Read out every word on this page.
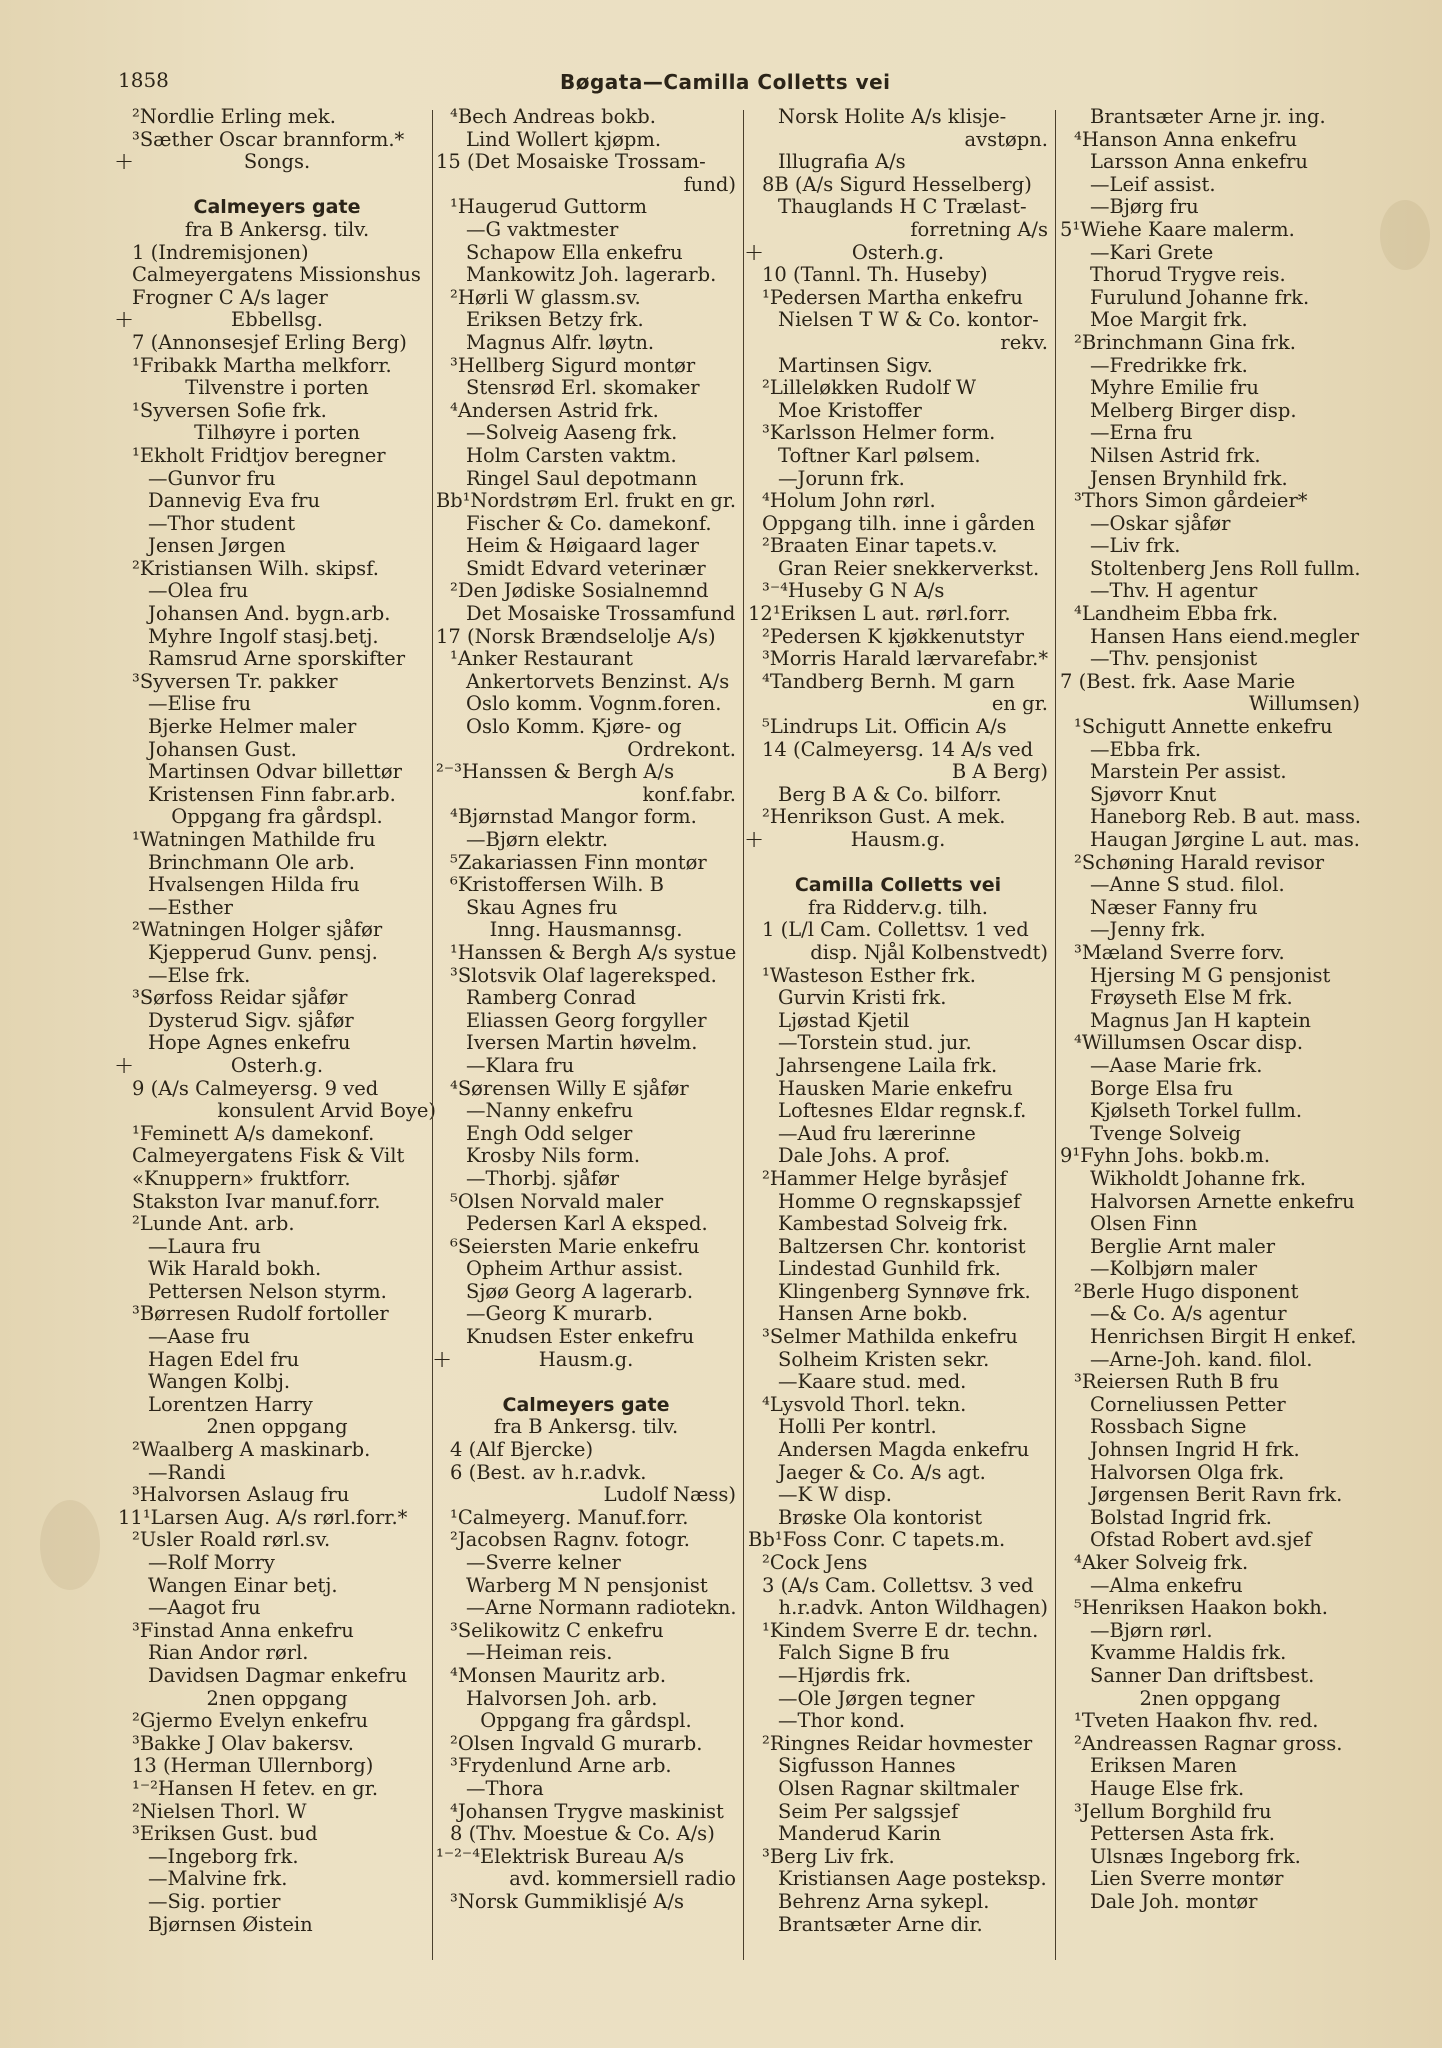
1858	Bøgata—Camilla Colletts vei
²Nordlie Erling mek.
³Sæther Oscar brannform.*
+	Songs.
Calmeyers gate
fra B Ankersg. tilv.
1 (Indremisjonen)
Calmeyergatens Missionshus
Frogner C A/s lager
+	Ebbellsg.
7 (Annonsesjef Erling Berg)
¹Fribakk Martha melkforr.
Tilvenstre i porten
¹Syversen Sofie frk.
Tilhøyre i porten
¹Ekholt Fridtjov beregner
—Gunvor fru
Dannevig Eva fru
—Thor student
Jensen Jørgen
²Kristiansen Wilh. skipsf.
—Olea fru
Johansen And. bygn.arb.
Myhre Ingolf stasj.betj.
Ramsrud Arne sporskifter
³Syversen Tr. pakker
—Elise fru
Bjerke Helmer maler
Johansen Gust.
Martinsen Odvar billettør
Kristensen Finn fabr.arb.
Oppgang fra gårdspl.
¹Watningen Mathilde fru
Brinchmann Ole arb.
Hvalsengen Hilda fru
—Esther
²Watningen Holger sjåfør
Kjepperud Gunv. pensj.
—Else frk.
³Sørfoss Reidar sjåfør
Dysterud Sigv. sjåfør
Hope Agnes enkefru
+	Osterh.g.
9 (A/s Calmeyersg. 9 ved
konsulent Arvid Boye)
¹Feminett A/s damekonf.
Calmeyergatens Fisk & Vilt
«Knuppern» fruktforr.
Stakston Ivar manuf.forr.
²Lunde Ant. arb.
—Laura fru
Wik Harald bokh.
Pettersen Nelson styrm.
³Børresen Rudolf fortoller
—Aase fru
Hagen Edel fru
Wangen Kolbj.
Lorentzen Harry
2nen oppgang
²Waalberg A maskinarb.
—Randi
³Halvorsen Aslaug fru
11¹Larsen Aug. A/s rørl.forr.*
²Usler Roald rørl.sv.
—Rolf Morry
Wangen Einar betj.
—Aagot fru
³Finstad Anna enkefru
Rian Andor rørl.
Davidsen Dagmar enkefru
2nen oppgang
²Gjermo Evelyn enkefru
³Bakke J Olav bakersv.
13 (Herman Ullernborg)
¹⁻²Hansen H fetev. en gr.
²Nielsen Thorl. W
³Eriksen Gust. bud
—Ingeborg frk.
—Malvine frk.
—Sig. portier
Bjørnsen Øistein
⁴Bech Andreas bokb.
Lind Wollert kjøpm.
15 (Det Mosaiske Trossam-
fund)
¹Haugerud Guttorm
—G vaktmester
Schapow Ella enkefru
Mankowitz Joh. lagerarb.
²Hørli W glassm.sv.
Eriksen Betzy frk.
Magnus Alfr. løytn.
³Hellberg Sigurd montør
Stensrød Erl. skomaker
⁴Andersen Astrid frk.
—Solveig Aaseng frk.
Holm Carsten vaktm.
Ringel Saul depotmann
Bb¹Nordstrøm Erl. frukt en gr.
Fischer & Co. damekonf.
Heim & Høigaard lager
Smidt Edvard veterinær
²Den Jødiske Sosialnemnd
Det Mosaiske Trossamfund
17 (Norsk Brændselolje A/s)
¹Anker Restaurant
Ankertorvets Benzinst. A/s
Oslo komm. Vognm.foren.
Oslo Komm. Kjøre- og
Ordrekont.
²⁻³Hanssen & Bergh A/s
konf.fabr.
⁴Bjørnstad Mangor form.
—Bjørn elektr.
⁵Zakariassen Finn montør
⁶Kristoffersen Wilh. B
Skau Agnes fru
Inng. Hausmannsg.
¹Hanssen & Bergh A/s systue
³Slotsvik Olaf lagereksped.
Ramberg Conrad
Eliassen Georg forgyller
Iversen Martin høvelm.
—Klara fru
⁴Sørensen Willy E sjåfør
—Nanny enkefru
Engh Odd selger
Krosby Nils form.
—Thorbj. sjåfør
⁵Olsen Norvald maler
Pedersen Karl A eksped.
⁶Seiersten Marie enkefru
Opheim Arthur assist.
Sjøø Georg A lagerarb.
—Georg K murarb.
Knudsen Ester enkefru
+	Hausm.g.
Calmeyers gate
fra B Ankersg. tilv.
4 (Alf Bjercke)
6 (Best. av h.r.advk.
Ludolf Næss)
¹Calmeyerg. Manuf.forr.
²Jacobsen Ragnv. fotogr.
—Sverre kelner
Warberg M N pensjonist
—Arne Normann radiotekn.
³Selikowitz C enkefru
—Heiman reis.
⁴Monsen Mauritz arb.
Halvorsen Joh. arb.
Oppgang fra gårdspl.
²Olsen Ingvald G murarb.
³Frydenlund Arne arb.
—Thora
⁴Johansen Trygve maskinist
8 (Thv. Moestue & Co. A/s)
¹⁻²⁻⁴Elektrisk Bureau A/s
avd. kommersiell radio
³Norsk Gummiklisjé A/s
Norsk Holite A/s klisje-
avstøpn.
Illugrafia A/s
8B (A/s Sigurd Hesselberg)
Thauglands H C Trælast-
forretning A/s
+	Osterh.g.
10 (Tannl. Th. Huseby)
¹Pedersen Martha enkefru
Nielsen T W & Co. kontor-
rekv.
Martinsen Sigv.
²Lilleløkken Rudolf W
Moe Kristoffer
³Karlsson Helmer form.
Toftner Karl pølsem.
—Jorunn frk.
⁴Holum John rørl.
Oppgang tilh. inne i gården
²Braaten Einar tapets.v.
Gran Reier snekkerverkst.
³⁻⁴Huseby G N A/s
12¹Eriksen L aut. rørl.forr.
²Pedersen K kjøkkenutstyr
³Morris Harald lærvarefabr.*
⁴Tandberg Bernh. M garn
en gr.
⁵Lindrups Lit. Officin A/s
14 (Calmeyersg. 14 A/s ved
B A Berg)
Berg B A & Co. bilforr.
²Henrikson Gust. A mek.
+	Hausm.g.
Camilla Colletts vei
fra Ridderv.g. tilh.
1 (L/l Cam. Collettsv. 1 ved
disp. Njål Kolbenstvedt)
¹Wasteson Esther frk.
Gurvin Kristi frk.
Ljøstad Kjetil
—Torstein stud. jur.
Jahrsengene Laila frk.
Hausken Marie enkefru
Loftesnes Eldar regnsk.f.
—Aud fru lærerinne
Dale Johs. A prof.
²Hammer Helge byråsjef
Homme O regnskapssjef
Kambestad Solveig frk.
Baltzersen Chr. kontorist
Lindestad Gunhild frk.
Klingenberg Synnøve frk.
Hansen Arne bokb.
³Selmer Mathilda enkefru
Solheim Kristen sekr.
—Kaare stud. med.
⁴Lysvold Thorl. tekn.
Holli Per kontrl.
Andersen Magda enkefru
Jaeger & Co. A/s agt.
—K W disp.
Brøske Ola kontorist
Bb¹Foss Conr. C tapets.m.
²Cock Jens
3 (A/s Cam. Collettsv. 3 ved
h.r.advk. Anton Wildhagen)
¹Kindem Sverre E dr. techn.
Falch Signe B fru
—Hjørdis frk.
—Ole Jørgen tegner
—Thor kond.
²Ringnes Reidar hovmester
Sigfusson Hannes
Olsen Ragnar skiltmaler
Seim Per salgssjef
Manderud Karin
³Berg Liv frk.
Kristiansen Aage posteksp.
Behrenz Arna sykepl.
Brantsæter Arne dir.
Brantsæter Arne jr. ing.
⁴Hanson Anna enkefru
Larsson Anna enkefru
—Leif assist.
—Bjørg fru
5¹Wiehe Kaare malerm.
—Kari Grete
Thorud Trygve reis.
Furulund Johanne frk.
Moe Margit frk.
²Brinchmann Gina frk.
—Fredrikke frk.
Myhre Emilie fru
Melberg Birger disp.
—Erna fru
Nilsen Astrid frk.
Jensen Brynhild frk.
³Thors Simon gårdeier*
—Oskar sjåfør
—Liv frk.
Stoltenberg Jens Roll fullm.
—Thv. H agentur
⁴Landheim Ebba frk.
Hansen Hans eiend.megler
—Thv. pensjonist
7 (Best. frk. Aase Marie
Willumsen)
¹Schigutt Annette enkefru
—Ebba frk.
Marstein Per assist.
Sjøvorr Knut
Haneborg Reb. B aut. mass.
Haugan Jørgine L aut. mas.
²Schøning Harald revisor
—Anne S stud. filol.
Næser Fanny fru
—Jenny frk.
³Mæland Sverre forv.
Hjersing M G pensjonist
Frøyseth Else M frk.
Magnus Jan H kaptein
⁴Willumsen Oscar disp.
—Aase Marie frk.
Borge Elsa fru
Kjølseth Torkel fullm.
Tvenge Solveig
9¹Fyhn Johs. bokb.m.
Wikholdt Johanne frk.
Halvorsen Arnette enkefru
Olsen Finn
Berglie Arnt maler
—Kolbjørn maler
²Berle Hugo disponent
—& Co. A/s agentur
Henrichsen Birgit H enkef.
—Arne-Joh. kand. filol.
³Reiersen Ruth B fru
Corneliussen Petter
Rossbach Signe
Johnsen Ingrid H frk.
Halvorsen Olga frk.
Jørgensen Berit Ravn frk.
Bolstad Ingrid frk.
Ofstad Robert avd.sjef
⁴Aker Solveig frk.
—Alma enkefru
⁵Henriksen Haakon bokh.
—Bjørn rørl.
Kvamme Haldis frk.
Sanner Dan driftsbest.
2nen oppgang
¹Tveten Haakon fhv. red.
²Andreassen Ragnar gross.
Eriksen Maren
Hauge Else frk.
³Jellum Borghild fru
Pettersen Asta frk.
Ulsnæs Ingeborg frk.
Lien Sverre montør
Dale Joh. montør
